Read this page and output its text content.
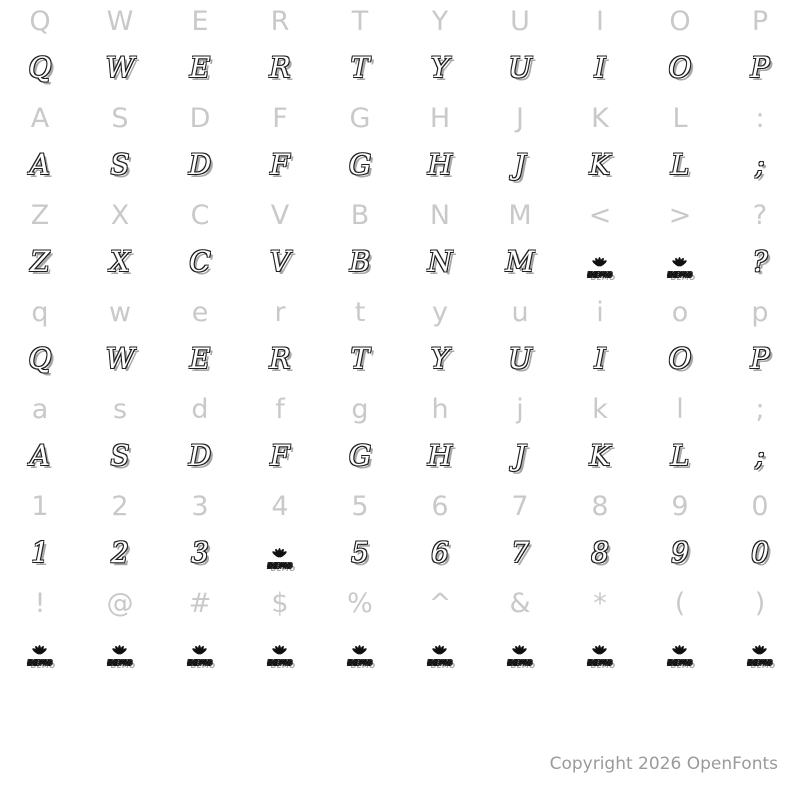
Q	W	E	R	T	Y	U	I	O	P
Q	W	E	R	T	Y	U	I	O	P
A	S	D	F	G	H	J	K	L	:
A	S	D	F	G	H	J	K	L	;
Z	X	C	V	B	N	M	<	>	?
Z	X	C	V	B	N	M	DEMO	DEMO	?
q	w	e	r	t	y	u	i	o	p
Q	W	E	R	T	Y	U	I	O	P
a	s	d	f	g	h	j	k	l	;
A	S	D	F	G	H	J	K	L	;
1	2	3	4	5	6	7	8	9	0
1	2	3	DEMO	5	6	7	8	9	0
!	@	#	$	%	^	&	*	(	)
DEMO	DEMO	DEMO	DEMO	DEMO	DEMO	DEMO	DEMO	DEMO	DEMO
Copyright 2026 OpenFonts
